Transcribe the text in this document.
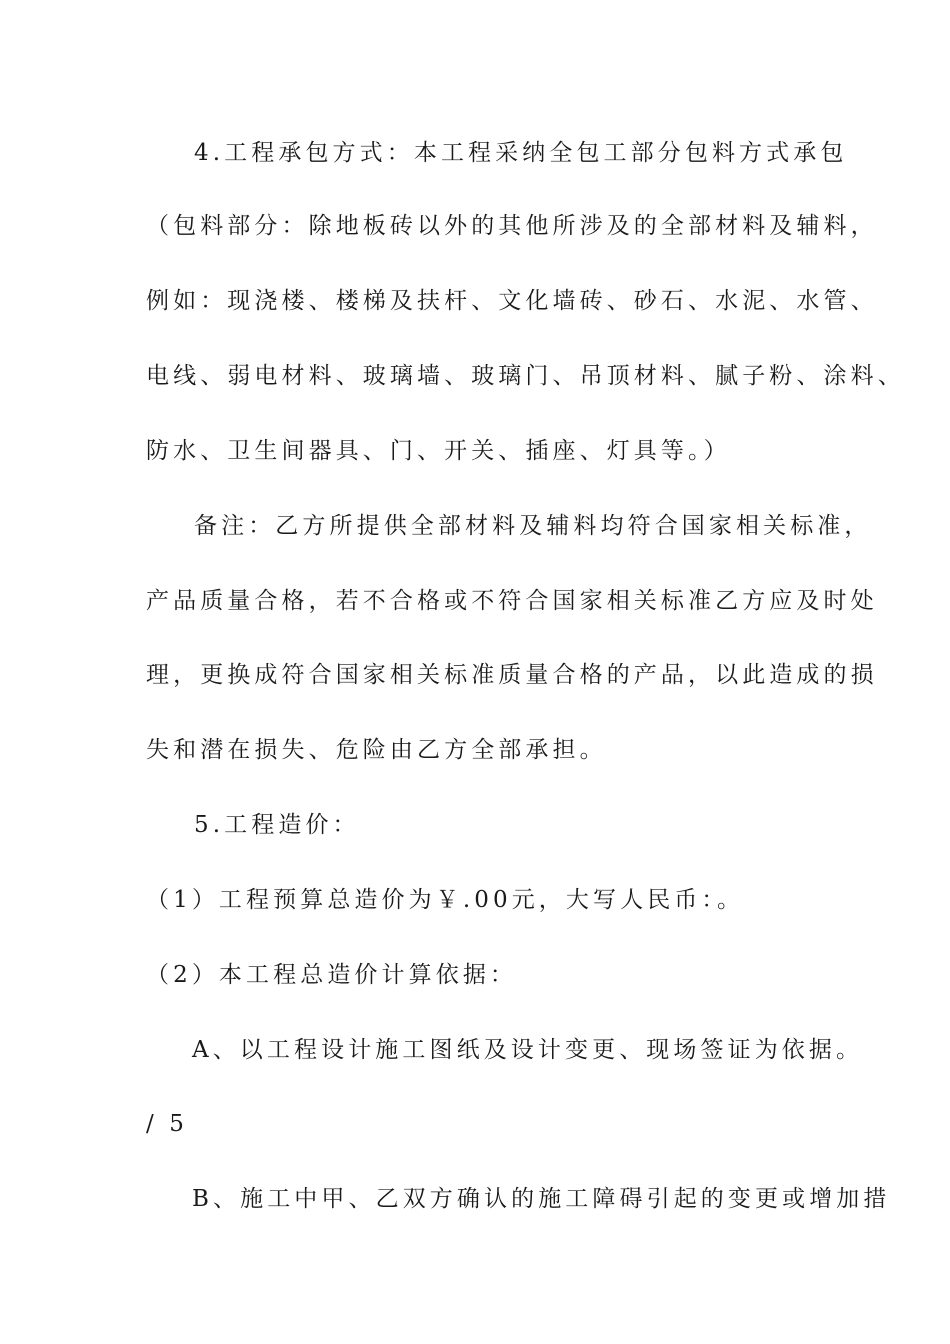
4.工程承包方式：本工程采纳全包工部分包料方式承包
（包料部分：除地板砖以外的其他所涉及的全部材料及辅料，
例如：现浇楼、楼梯及扶杆、文化墙砖、砂石、水泥、水管、
电线、弱电材料、玻璃墙、玻璃门、吊顶材料、腻子粉、涂料、
防水、卫生间器具、门、开关、插座、灯具等。）
备注：乙方所提供全部材料及辅料均符合国家相关标准，
产品质量合格，若不合格或不符合国家相关标准乙方应及时处
理，更换成符合国家相关标准质量合格的产品，以此造成的损
失和潜在损失、危险由乙方全部承担。
5.工程造价：
（1）工程预算总造价为￥.00元，大写人民币：。
（2）本工程总造价计算依据：
A、以工程设计施工图纸及设计变更、现场签证为依据。
/ 5
B、施工中甲、乙双方确认的施工障碍引起的变更或增加措
